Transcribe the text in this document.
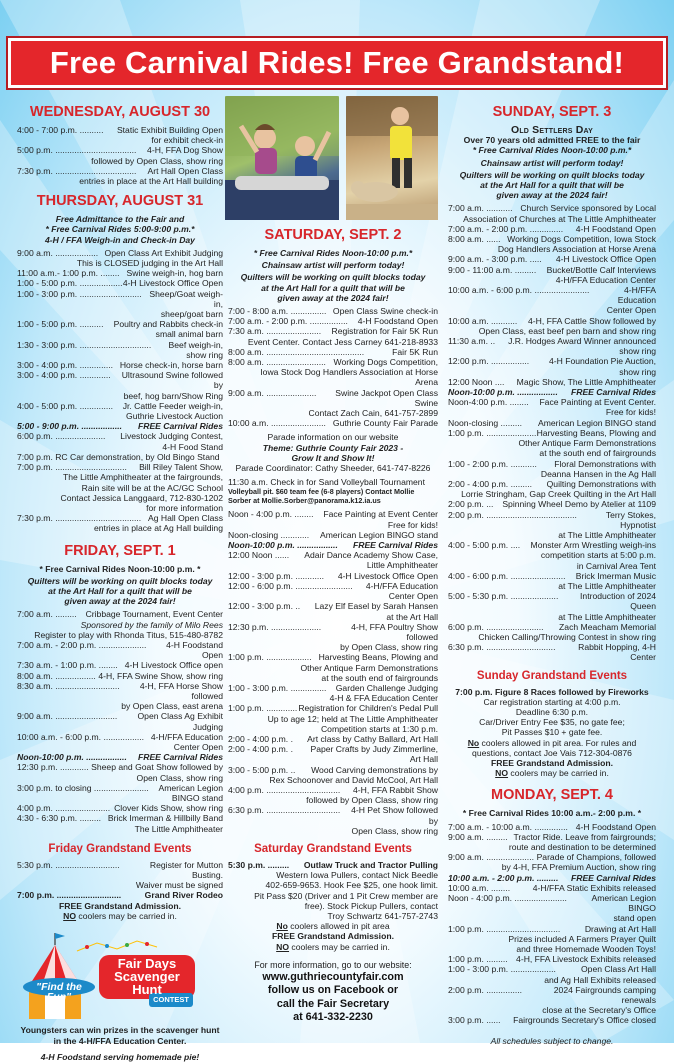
Free Carnival Rides! Free Grandstand!
WEDNESDAY, AUGUST 30
4:00 - 7:00 p.m. ..........	Static Exhibit Building Open
for exhibit check-in
5:00 p.m. ..................................	4-H, FFA Dog Show
followed by Open Class, show ring
7:30 p.m. ..................................	Art Hall Open Class
entries in place at the Art Hall building
THURSDAY, AUGUST 31
Free Admittance to the Fair and
* Free Carnival Rides 5:00-9:00 p.m.*
4-H / FFA Weigh-in and Check-in Day
9:00 a.m. .................. Open Class Art Exhibit Judging
This is CLOSED judging in the Art Hall
11:00 a.m.- 1:00 p.m. ........ Swine weigh-in, hog barn
1:00 - 5:00 p.m. .................. 4-H Livestock Office Open
1:00 - 3:00 p.m. .......................... Sheep/Goat weigh-in,
sheep/goat barn
1:00 - 5:00 p.m. ..........	Poultry and Rabbits check-in
small animal barn
1:30 - 3:00 p.m. ..............................	Beef weigh-in, show ring
3:00 - 4:00 p.m. .............. Horse check-in, horse barn
3:00 - 4:00 p.m. .............	Ultrasound Swine followed by
beef, hog barn/Show Ring
4:00 - 5:00 p.m. ..............	Jr. Cattle Feeder weigh-in,
Guthrie Livestock Auction
5:00 - 9:00 p.m. .................	FREE Carnival Rides
6:00 p.m. .....................	Livestock Judging Contest,
4-H Food Stand
7:00 p.m. RC Car demonstration, by Old Bingo Stand
7:00 p.m. ..............................	Bill Riley Talent Show,
The Little Amphitheater at the fairgrounds,
Rain site will be at the AC/GC School
Contact Jessica Langgaard, 712-830-1202
for more information
7:30 p.m. .................................... Ag Hall Open Class
entries in place at Ag Hall building
FRIDAY, SEPT. 1
* Free Carnival Rides Noon-10:00 p.m. *
Quilters will be working on quilt blocks today
at the Art Hall for a quilt that will be
given away at the 2024 fair!
7:00 a.m. .........	Cribbage Tournament, Event Center
Sponsored by the family of Milo Rees
Register to play with Rhonda Titus, 515-480-8782
7:00 a.m. - 2:00 p.m. ....................	4-H Foodstand Open
7:30 a.m. - 1:00 p.m. ........ 4-H Livestock Office open
8:00 a.m. ................. 4-H, FFA Swine Show, show ring
8:30 a.m. ...........................	4-H, FFA Horse Show followed
by Open Class, east arena
9:00 a.m. ..........................	Open Class Ag Exhibit Judging
10:00 a.m. - 6:00 p.m. ................. 4-H/FFA Education
Center Open
Noon-10:00 p.m. .................	FREE Carnival Rides
12:30 p.m. ............ Sheep and Goat Show followed by
Open Class, show ring
3:00 p.m. to closing .......................	American Legion
BINGO stand
4:00 p.m. ....................... Clover Kids Show, show ring
4:30 - 6:30 p.m. ......... Brick Imerman & Hillbilly Band
The Little Amphitheater
Friday Grandstand Events
5:30 p.m. ...........................	Register for Mutton Busting.
Waiver must be signed
7:00 p.m. ...........................	Grand River Rodeo
FREE Grandstand Admission.
NO coolers may be carried in.
Fair Days
Scavenger
Hunt
"Find the Fun"	CONTEST
Youngsters can win prizes in the scavenger hunt in the 4-H/FFA Education Center.
4-H Foodstand serving homemade pie!
SATURDAY, SEPT. 2
* Free Carnival Rides Noon-10:00 p.m.*
Chainsaw artist will perform today!
Quilters will be working on quilt blocks today
at the Art Hall for a quilt that will be
given away at the 2024 fair!
7:00 - 8:00 a.m. ............... Open Class Swine check-in
7:00 a.m. - 2:00 p.m. ................	4-H Foodstand Open
7:30 a.m. .......................	Registration for Fair 5K Run
Event Center. Contact Jess Carney 641-218-8933
8:00 a.m. .........................................	Fair 5K Run
8:00 a.m. ......................... Working Dogs Competition,
Iowa Stock Dog Handlers Association at Horse
Arena
9:00 a.m. .....................	Swine Jackpot Open Class Swine
Contact Zach Cain, 641-757-2899
10:00 a.m. ....................... Guthrie County Fair Parade
Parade information on our website
Theme: Guthrie County Fair 2023 -
Grow It and Show It!
Parade Coordinator: Cathy Sheeder, 641-747-8226
11:30 a.m. Check in for Sand Volleyball Tournament
Volleyball pit. $60 team fee (6-8 players) Contact Mollie Sorber at Mollie.Sorber@panorama.k12.ia.us
Noon - 4:00 p.m. ........	Face Painting at Event Center
Free for kids!
Noon-closing ............	American Legion BINGO stand
Noon-10:00 p.m. .................	FREE Carnival Rides
12:00 Noon ......	Adair Dance Academy Show Case,
Little Amphitheater
12:00 - 3:00 p.m. ............	4-H Livestock Office Open
12:00 - 6:00 p.m. ........................	4-H/FFA Education
Center Open
12:00 - 3:00 p.m. ..	Lazy Elf Easel by Sarah Hansen
at the Art Hall
12:30 p.m. .....................	4-H, FFA Poultry Show followed
by Open Class, show ring
1:00 p.m. ................... Harvesting Beans, Plowing and
Other Antique Farm Demonstrations
at the south end of fairgrounds
1:00 - 3:00 p.m. ...............	Garden Challenge Judging
4-H & FFA Education Center
1:00 p.m. ............. Registration for Children's Pedal Pull
Up to age 12; held at The Little Amphitheater
Competition starts at 1:30 p.m.
2:00 - 4:00 p.m. .	Art class by Cathy Ballard, Art Hall
2:00 - 4:00 p.m. .	Paper Crafts by Judy Zimmerline,
Art Hall
3:00 - 5:00 p.m. ..	Wood Carving demonstrations by
Rex Schoonover and David McCool, Art Hall
4:00 p.m. ...............................	4-H, FFA Rabbit Show
followed by Open Class, show ring
6:30 p.m. ...............................	4-H Pet Show followed by
Open Class, show ring
Saturday Grandstand Events
5:30 p.m. .........	Outlaw Truck and Tractor Pulling
Western Iowa Pullers, contact Nick Beedle
402-659-9653. Hook Fee $25, one hook limit.
Pit Pass $20 (Driver and 1 Pit Crew member are
free). Stock Pickup Pullers, contact
Troy Schwartz 641-757-2743
No coolers allowed in pit area
FREE Grandstand Admission.
NO coolers may be carried in.
For more information, go to our website:
www.guthriecountyfair.com
follow us on Facebook or
call the Fair Secretary
at 641-332-2230
SUNDAY, SEPT. 3
Old Settlers Day
Over 70 years old admitted FREE to the fair
* Free Carnival Rides Noon-10:00 p.m.*
Chainsaw artist will perform today!
Quilters will be working on quilt blocks today
at the Art Hall for a quilt that will be
given away at the 2024 fair!
7:00 a.m. ........... Church Service sponsored by Local
Association of Churches at The Little Amphitheater
7:00 a.m. - 2:00 p.m. ..............	4-H Foodstand Open
8:00 a.m. ...... Working Dogs Competition, Iowa Stock
Dog Handlers Association at Horse Arena
9:00 a.m. - 3:00 p.m. .....	4-H Livestock Office Open
9:00 - 11:00 a.m. .........	Bucket/Bottle Calf Interviews
4-H/FFA Education Center
10:00 a.m. - 6:00 p.m. .......................	4-H/FFA Education
Center Open
10:00 a.m. ...........	4-H, FFA Cattle Show followed by
Open Class, east beef pen barn and show ring
11:30 a.m. ..	J.R. Hodges Award Winner announced
show ring
12:00 p.m. ................	4-H Foundation Pie Auction,
show ring
12:00 Noon ....	Magic Show, The Little Amphitheater
Noon-10:00 p.m. .................	FREE Carnival Rides
Noon-4:00 p.m. ........	Face Painting at Event Center.
Free for kids!
Noon-closing .........	American Legion BINGO stand
1:00 p.m. ..................... Harvesting Beans, Plowing and
Other Antique Farm Demonstrations
at the south end of fairgrounds
1:00 - 2:00 p.m. ...........	Floral Demonstrations with
Deanna Hansen in the Ag Hall
2:00 - 4:00 p.m. .........	Quilting Demonstrations with
Lorrie Stringham, Gap Creek Quilting in the Art Hall
2:00 p.m. ...	Spinning Wheel Demo by Atelier at 1109
2:00 p.m. ......................................	Terry Stokes, Hypnotist
at The Little Amphitheater
4:00 - 5:00 p.m. ....	Monster Arm Wrestling weigh-ins
competition starts at 5:00 p.m.
in Carnival Area Tent
4:00 - 6:00 p.m. .......................	Brick Imerman Music
at The Little Amphitheater
5:00 - 5:30 p.m. ....................	Introduction of 2024 Queen
at The Little Amphitheater
6:00 p.m. ........................	Zach Meacham Memorial
Chicken Calling/Throwing Contest in show ring
6:30 p.m. .............................	Rabbit Hopping, 4-H Center
Sunday Grandstand Events
7:00 p.m. Figure 8 Races followed by Fireworks
Car registration starting at 4:00 p.m.
Deadline 6:30 p.m.
Car/Driver Entry Fee $35, no gate fee;
Pit Passes $10 + gate fee.
No coolers allowed in pit area. For rules and
questions, contact Joe Vais 712-304-0876
FREE Grandstand Admission.
NO coolers may be carried in.
MONDAY, SEPT. 4
* Free Carnival Rides 10:00 a.m.- 2:00 p.m. *
7:00 a.m. - 10:00 a.m. .............. 4-H Foodstand Open
9:00 a.m. ......... Tractor Ride. Leave from fairgrounds;
route and destination to be determined
9:00 a.m. .................... Parade of Champions, followed
by 4-H, FFA Premium Auction, show ring
10:00 a.m. - 2:00 p.m. .........	FREE Carnival Rides
10:00 a.m. ........	4-H/FFA Static Exhibits released
Noon - 4:00 p.m. ......................	American Legion BINGO
stand open
1:00 p.m. ...............................	Drawing at Art Hall
Prizes included A Farmers Prayer Quilt
and three Homemade Wooden Toys!
1:00 p.m. ......... 4-H, FFA Livestock Exhibits released
1:00 - 3:00 p.m. ...................	Open Class Art Hall
and Ag Hall Exhibits released
2:00 p.m. ...............	2024 Fairgrounds camping renewals
close at the Secretary's Office
3:00 p.m. ......	Fairgrounds Secretary's Office closed
All schedules subject to change.
